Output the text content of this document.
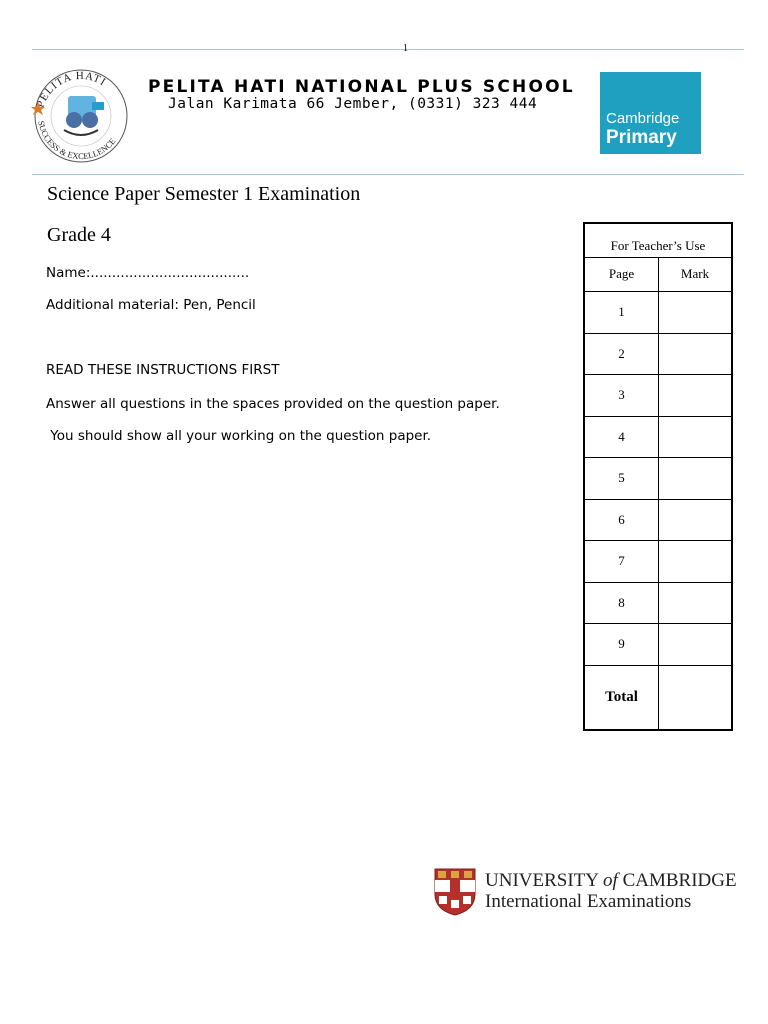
1
PELITA HATI
SUCCESS & EXCELLENCE
PELITA HATI NATIONAL PLUS SCHOOL
Jalan Karimata 66 Jember, (0331) 323 444
Cambridge
Primary
Science Paper Semester 1 Examination
Grade 4
Name:.....................................
Additional material: Pen, Pencil
READ THESE INSTRUCTIONS FIRST
Answer all questions in the spaces provided on the question paper.
You should show all your working on the question paper.
For Teacher’s Use	
Page	Mark
1	
2	
3	
4	
5	
6	
7	
8	
9	
Total	
UNIVERSITY of CAMBRIDGE
International Examinations
